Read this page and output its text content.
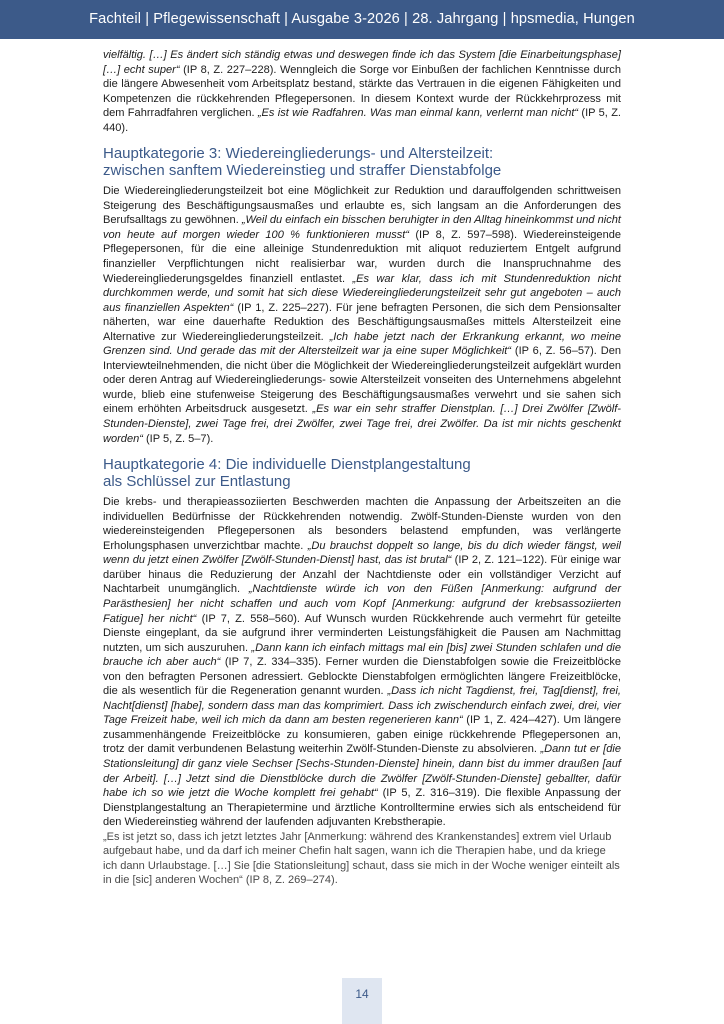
Fachteil | Pflegewissenschaft | Ausgabe 3-2026 | 28. Jahrgang | hpsmedia, Hungen

vielfältig. […] Es ändert sich ständig etwas und deswegen finde ich das System [die Einarbeitungsphase] […] echt super“ (IP 8, Z. 227–228). Wenngleich die Sorge vor Einbußen der fachlichen Kenntnisse durch die längere Abwesenheit vom Arbeitsplatz bestand, stärkte das Vertrauen in die eigenen Fähigkeiten und Kompetenzen die rückkehrenden Pflegepersonen. In diesem Kontext wurde der Rückkehrprozess mit dem Fahrradfahren verglichen. „Es ist wie Radfahren. Was man einmal kann, verlernt man nicht“ (IP 5, Z. 440).

Hauptkategorie 3: Wiedereingliederungs- und Altersteilzeit:
zwischen sanftem Wiedereinstieg und straffer Dienstabfolge

Die Wiedereingliederungsteilzeit bot eine Möglichkeit zur Reduktion und darauffolgenden schrittweisen Steigerung des Beschäftigungsausmaßes und erlaubte es, sich langsam an die Anforderungen des Berufsalltags zu gewöhnen. „Weil du einfach ein bisschen beruhigter in den Alltag hineinkommst und nicht von heute auf morgen wieder 100 % funktionieren musst“ (IP 8, Z. 597–598). Wiedereinsteigende Pflegepersonen, für die eine alleinige Stundenreduktion mit aliquot reduziertem Entgelt aufgrund finanzieller Verpflichtungen nicht realisierbar war, wurden durch die Inanspruchnahme des Wiedereingliederungsgeldes finanziell entlastet. „Es war klar, dass ich mit Stundenreduktion nicht durchkommen werde, und somit hat sich diese Wiedereingliederungsteilzeit sehr gut angeboten – auch aus finanziellen Aspekten“ (IP 1, Z. 225–227). Für jene befragten Personen, die sich dem Pensionsalter näherten, war eine dauerhafte Reduktion des Beschäftigungsausmaßes mittels Altersteilzeit eine Alternative zur Wiedereingliederungsteilzeit. „Ich habe jetzt nach der Erkrankung erkannt, wo meine Grenzen sind. Und gerade das mit der Altersteilzeit war ja eine super Möglichkeit“ (IP 6, Z. 56–57). Den Interviewteilnehmenden, die nicht über die Möglichkeit der Wiedereingliederungsteilzeit aufgeklärt wurden oder deren Antrag auf Wiedereingliederungs- sowie Altersteilzeit vonseiten des Unternehmens abgelehnt wurde, blieb eine stufenweise Steigerung des Beschäftigungsausmaßes verwehrt und sie sahen sich einem erhöhten Arbeitsdruck ausgesetzt. „Es war ein sehr straffer Dienstplan. […] Drei Zwölfer [Zwölf-Stunden-Dienste], zwei Tage frei, drei Zwölfer, zwei Tage frei, drei Zwölfer. Da ist mir nichts geschenkt worden“ (IP 5, Z. 5–7).

Hauptkategorie 4: Die individuelle Dienstplangestaltung
als Schlüssel zur Entlastung

Die krebs- und therapieassoziierten Beschwerden machten die Anpassung der Arbeitszeiten an die individuellen Bedürfnisse der Rückkehrenden notwendig. Zwölf-Stunden-Dienste wurden von den wiedereinsteigenden Pflegepersonen als besonders belastend empfunden, was verlängerte Erholungsphasen unverzichtbar machte. „Du brauchst doppelt so lange, bis du dich wieder fängst, weil wenn du jetzt einen Zwölfer [Zwölf-Stunden-Dienst] hast, das ist brutal“ (IP 2, Z. 121–122). Für einige war darüber hinaus die Reduzierung der Anzahl der Nachtdienste oder ein vollständiger Verzicht auf Nachtarbeit unumgänglich. „Nachtdienste würde ich von den Füßen [Anmerkung: aufgrund der Parästhesien] her nicht schaffen und auch vom Kopf [Anmerkung: aufgrund der krebsassoziierten Fatigue] her nicht“ (IP 7, Z. 558–560). Auf Wunsch wurden Rückkehrende auch vermehrt für geteilte Dienste eingeplant, da sie aufgrund ihrer verminderten Leistungsfähigkeit die Pausen am Nachmittag nutzten, um sich auszuruhen. „Dann kann ich einfach mittags mal ein [bis] zwei Stunden schlafen und die brauche ich aber auch“ (IP 7, Z. 334–335). Ferner wurden die Dienstabfolgen sowie die Freizeitblöcke von den befragten Personen adressiert. Geblockte Dienstabfolgen ermöglichten längere Freizeitblöcke, die als wesentlich für die Regeneration genannt wurden. „Dass ich nicht Tagdienst, frei, Tag[dienst], frei, Nacht[dienst] [habe], sondern dass man das komprimiert. Dass ich zwischendurch einfach zwei, drei, vier Tage Freizeit habe, weil ich mich da dann am besten regenerieren kann“ (IP 1, Z. 424–427). Um längere zusammenhängende Freizeitblöcke zu konsumieren, gaben einige rückkehrende Pflegepersonen an, trotz der damit verbundenen Belastung weiterhin Zwölf-Stunden-Dienste zu absolvieren. „Dann tut er [die Stationsleitung] dir ganz viele Sechser [Sechs-Stunden-Dienste] hinein, dann bist du immer draußen [auf der Arbeit]. […] Jetzt sind die Dienstblöcke durch die Zwölfer [Zwölf-Stunden-Dienste] geballter, dafür habe ich so wie jetzt die Woche komplett frei gehabt“ (IP 5, Z. 316–319). Die flexible Anpassung der Dienstplangestaltung an Therapietermine und ärztliche Kontrolltermine erwies sich als entscheidend für den Wiedereinstieg während der laufenden adjuvanten Krebstherapie.

„Es ist jetzt so, dass ich jetzt letztes Jahr [Anmerkung: während des Krankenstandes] extrem viel Urlaub aufgebaut habe, und da darf ich meiner Chefin halt sagen, wann ich die Therapien habe, und da kriege ich dann Urlaubstage. […] Sie [die Stationsleitung] schaut, dass sie mich in der Woche weniger einteilt als in die [sic] anderen Wochen“ (IP 8, Z. 269–274).

14
